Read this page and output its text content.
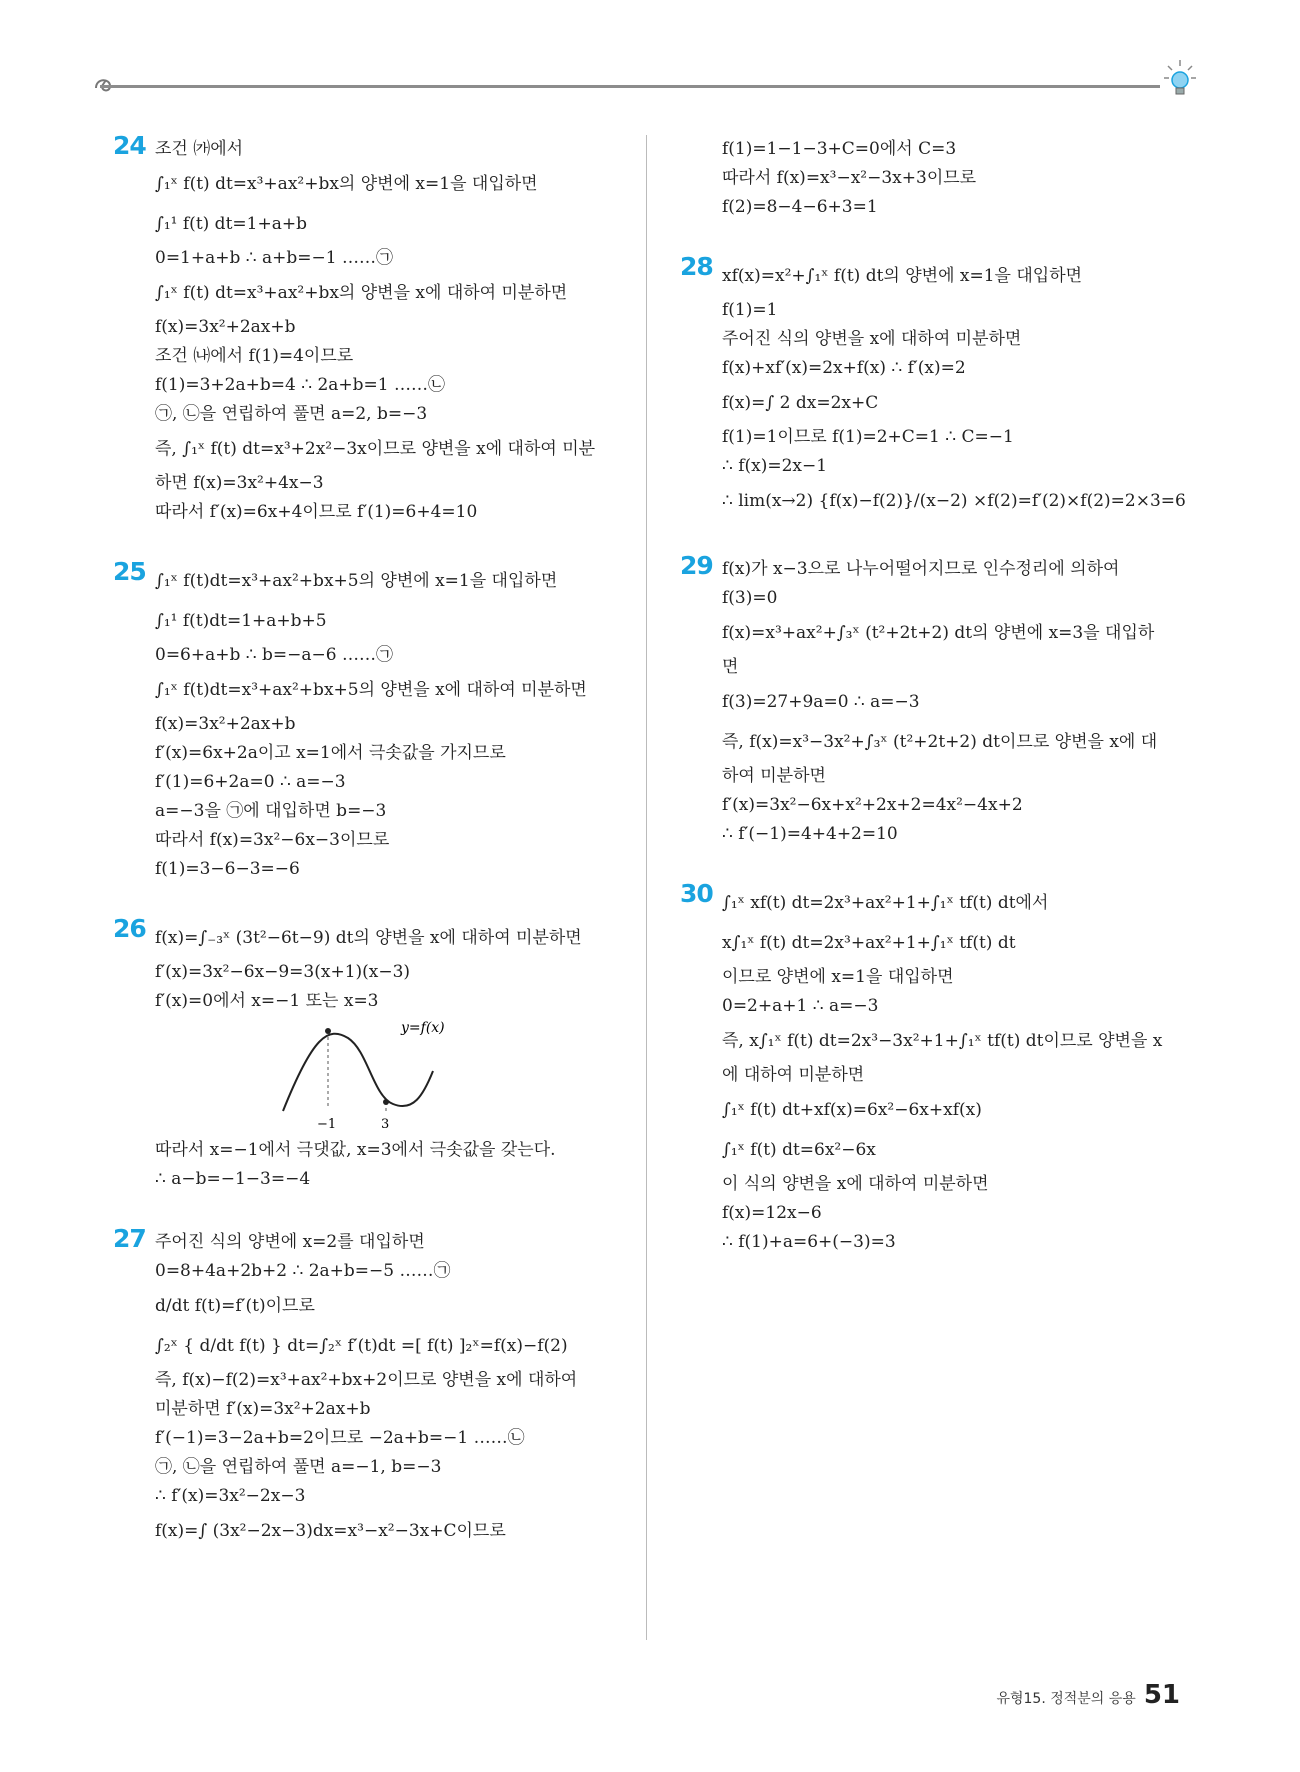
24 조건 ㈎에서
∫₁ˣ f(t) dt=x³+ax²+bx의 양변에 x=1을 대입하면
∫₁¹ f(t) dt=1+a+b
0=1+a+b ∴ a+b=−1 ……㉠
∫₁ˣ f(t) dt=x³+ax²+bx의 양변을 x에 대하여 미분하면
f(x)=3x²+2ax+b
조건 ㈏에서 f(1)=4이므로
f(1)=3+2a+b=4 ∴ 2a+b=1 ……㉡
㉠, ㉡을 연립하여 풀면 a=2, b=−3
즉, ∫₁ˣ f(t) dt=x³+2x²−3x이므로 양변을 x에 대하여 미분
하면 f(x)=3x²+4x−3
따라서 f′(x)=6x+4이므로 f′(1)=6+4=10
25 ∫₁ˣ f(t)dt=x³+ax²+bx+5의 양변에 x=1을 대입하면
∫₁¹ f(t)dt=1+a+b+5
0=6+a+b ∴ b=−a−6 ……㉠
∫₁ˣ f(t)dt=x³+ax²+bx+5의 양변을 x에 대하여 미분하면
f(x)=3x²+2ax+b
f′(x)=6x+2a이고 x=1에서 극솟값을 가지므로
f′(1)=6+2a=0 ∴ a=−3
a=−3을 ㉠에 대입하면 b=−3
따라서 f(x)=3x²−6x−3이므로
f(1)=3−6−3=−6
26 f(x)=∫₋₃ˣ (3t²−6t−9) dt의 양변을 x에 대하여 미분하면
f′(x)=3x²−6x−9=3(x+1)(x−3)
f′(x)=0에서 x=−1 또는 x=3
y=f(x)
−1	3
따라서 x=−1에서 극댓값, x=3에서 극솟값을 갖는다.
∴ a−b=−1−3=−4
27 주어진 식의 양변에 x=2를 대입하면
0=8+4a+2b+2 ∴ 2a+b=−5 ……㉠
d/dt f(t)=f′(t)이므로
∫₂ˣ { d/dt f(t) } dt=∫₂ˣ f′(t)dt =[ f(t) ]₂ˣ=f(x)−f(2)
즉, f(x)−f(2)=x³+ax²+bx+2이므로 양변을 x에 대하여
미분하면 f′(x)=3x²+2ax+b
f′(−1)=3−2a+b=2이므로 −2a+b=−1 ……㉡
㉠, ㉡을 연립하여 풀면 a=−1, b=−3
∴ f′(x)=3x²−2x−3
f(x)=∫ (3x²−2x−3)dx=x³−x²−3x+C이므로
f(1)=1−1−3+C=0에서 C=3
따라서 f(x)=x³−x²−3x+3이므로
f(2)=8−4−6+3=1
28 xf(x)=x²+∫₁ˣ f(t) dt의 양변에 x=1을 대입하면
f(1)=1
주어진 식의 양변을 x에 대하여 미분하면
f(x)+xf′(x)=2x+f(x) ∴ f′(x)=2
f(x)=∫ 2 dx=2x+C
f(1)=1이므로 f(1)=2+C=1 ∴ C=−1
∴ f(x)=2x−1
∴ lim(x→2) {f(x)−f(2)}/(x−2) ×f(2)=f′(2)×f(2)=2×3=6
29 f(x)가 x−3으로 나누어떨어지므로 인수정리에 의하여
f(3)=0
f(x)=x³+ax²+∫₃ˣ (t²+2t+2) dt의 양변에 x=3을 대입하
면
f(3)=27+9a=0 ∴ a=−3
즉, f(x)=x³−3x²+∫₃ˣ (t²+2t+2) dt이므로 양변을 x에 대
하여 미분하면
f′(x)=3x²−6x+x²+2x+2=4x²−4x+2
∴ f′(−1)=4+4+2=10
30 ∫₁ˣ xf(t) dt=2x³+ax²+1+∫₁ˣ tf(t) dt에서
x∫₁ˣ f(t) dt=2x³+ax²+1+∫₁ˣ tf(t) dt
이므로 양변에 x=1을 대입하면
0=2+a+1 ∴ a=−3
즉, x∫₁ˣ f(t) dt=2x³−3x²+1+∫₁ˣ tf(t) dt이므로 양변을 x
에 대하여 미분하면
∫₁ˣ f(t) dt+xf(x)=6x²−6x+xf(x)
∫₁ˣ f(t) dt=6x²−6x
이 식의 양변을 x에 대하여 미분하면
f(x)=12x−6
∴ f(1)+a=6+(−3)=3
유형15. 정적분의 응용 51
